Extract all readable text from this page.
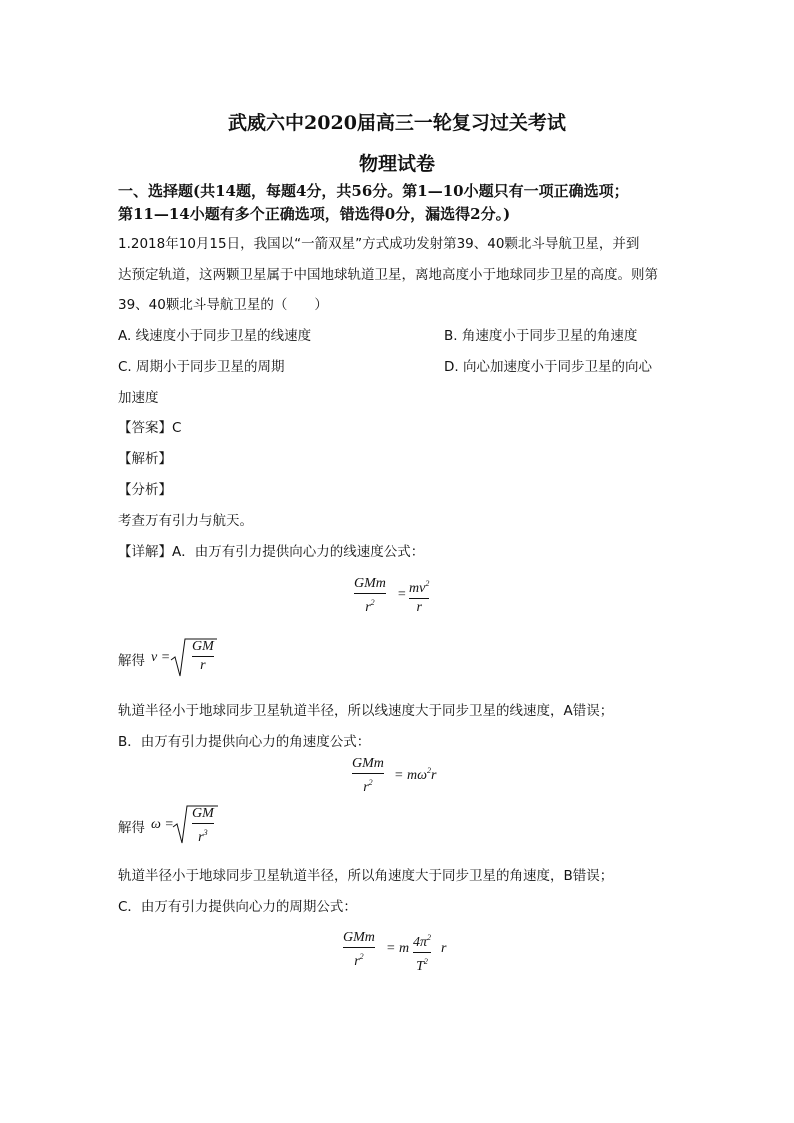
武威六中2020届高三一轮复习过关考试
物理试卷
一、选择题(共14题，每题4分，共56分。第1—10小题只有一项正确选项；
第11—14小题有多个正确选项，错选得0分，漏选得2分。)
1.2018年10月15日，我国以“一箭双星”方式成功发射第39、40颗北斗导航卫星，并到
达预定轨道，这两颗卫星属于中国地球轨道卫星，离地高度小于地球同步卫星的高度。则第
39、40颗北斗导航卫星的（　　）
A. 线速度小于同步卫星的线速度	B. 角速度小于同步卫星的角速度
C. 周期小于同步卫星的周期	D. 向心加速度小于同步卫星的向心
加速度
【答案】C
【解析】
【分析】
考查万有引力与航天。
【详解】A．由万有引力提供向心力的线速度公式：
GMm
$r^2$
= $mv^2$
r
解得 v =
GM
r
轨道半径小于地球同步卫星轨道半径，所以线速度大于同步卫星的线速度，A错误；
B．由万有引力提供向心力的角速度公式：
GMm
$r^2$	= $m\omega^2r$
解得 ω =
GM
$r^3$
轨道半径小于地球同步卫星轨道半径，所以角速度大于同步卫星的角速度，B错误；
C．由万有引力提供向心力的周期公式：
GMm
$r^2$
= m $4\pi^2$
$T^2$
r
